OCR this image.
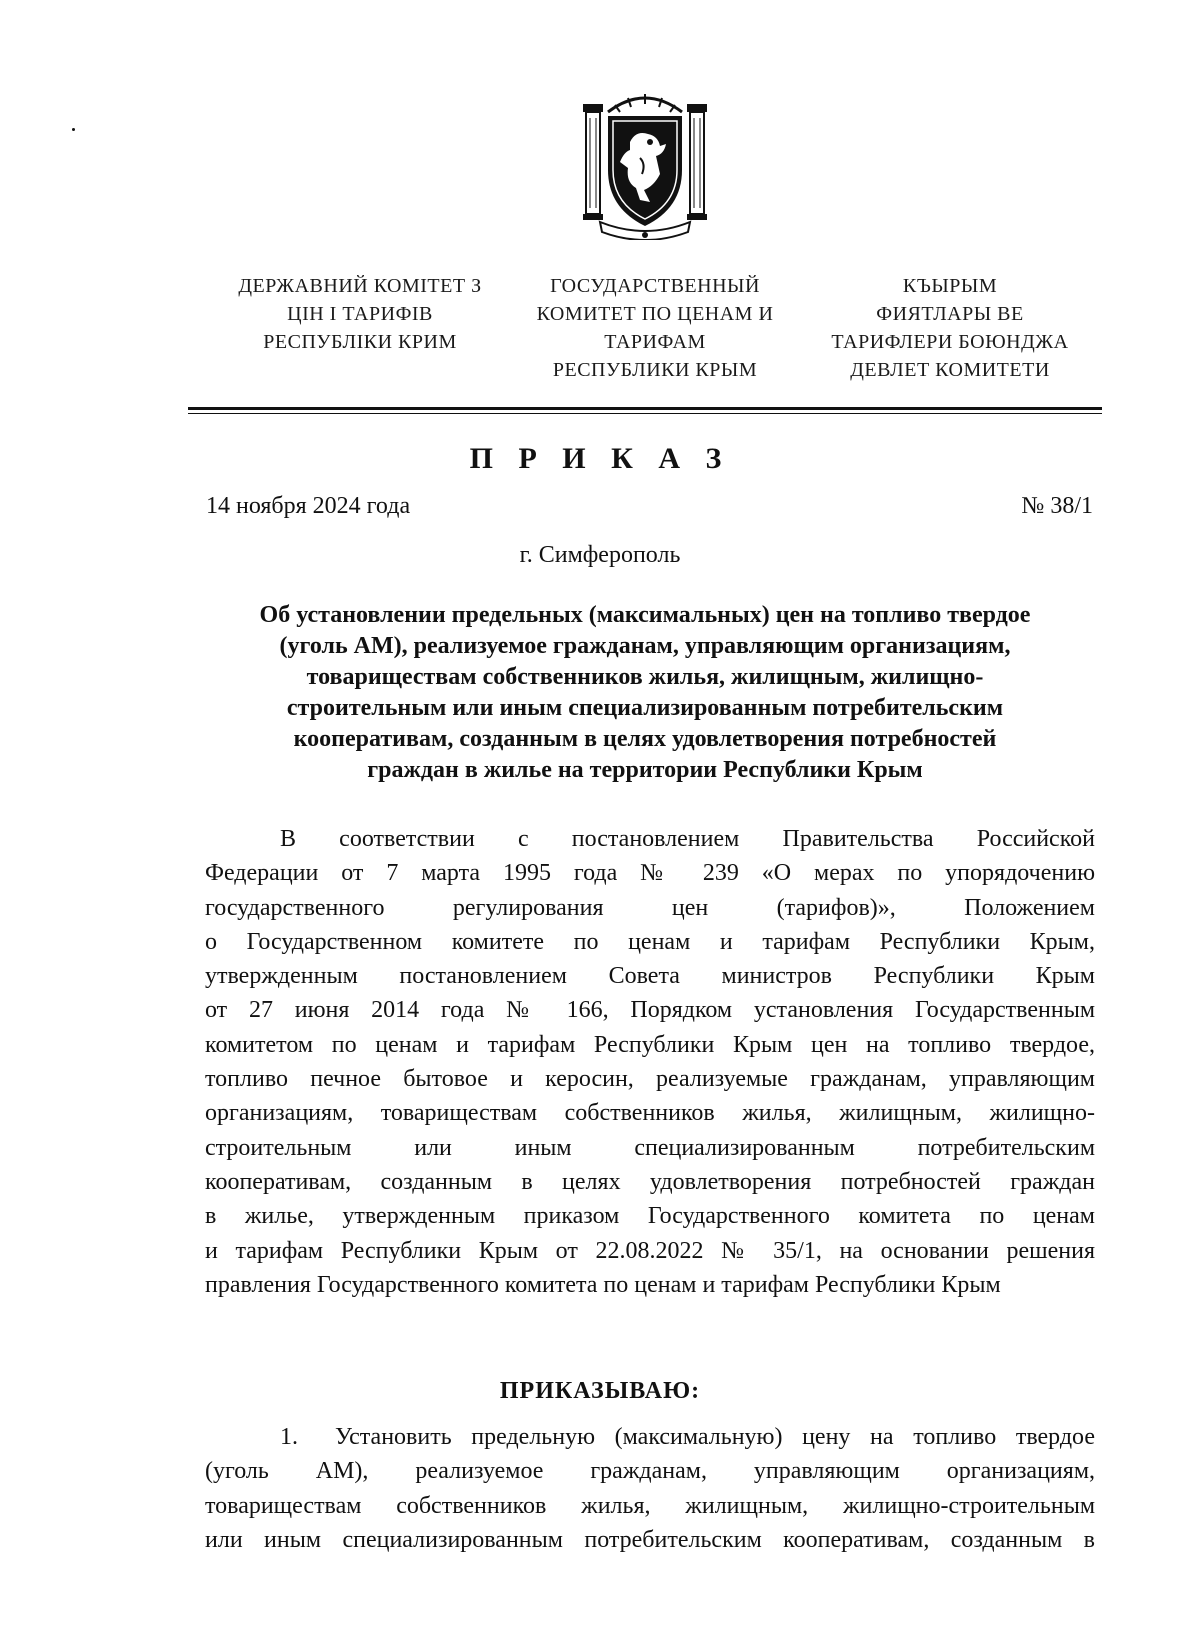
ДЕРЖАВНИЙ КОМІТЕТ З
ЦІН І ТАРИФІВ
РЕСПУБЛІКИ КРИМ
ГОСУДАРСТВЕННЫЙ
КОМИТЕТ ПО ЦЕНАМ И
ТАРИФАМ
РЕСПУБЛИКИ КРЫМ
КЪЫРЫМ
ФИЯТЛАРЫ ВЕ
ТАРИФЛЕРИ БОЮНДЖА
ДЕВЛЕТ КОМИТЕТИ
П Р И К А З
14 ноября 2024 года	№ 38/1
г. Симферополь
Об установлении предельных (максимальных) цен на топливо твердое
(уголь АМ), реализуемое гражданам, управляющим организациям,
товариществам собственников жилья, жилищным, жилищно-
строительным или иным специализированным потребительским
кооперативам, созданным в целях удовлетворения потребностей
граждан в жилье на территории Республики Крым
В соответствии с постановлением Правительства Российской
Федерации от 7 марта 1995 года № 239 «О мерах по упорядочению
государственного регулирования цен (тарифов)», Положением
о Государственном комитете по ценам и тарифам Республики Крым,
утвержденным постановлением Совета министров Республики Крым
от 27 июня 2014 года № 166, Порядком установления Государственным
комитетом по ценам и тарифам Республики Крым цен на топливо твердое,
топливо печное бытовое и керосин, реализуемые гражданам, управляющим
организациям, товариществам собственников жилья, жилищным, жилищно-
строительным или иным специализированным потребительским
кооперативам, созданным в целях удовлетворения потребностей граждан
в жилье, утвержденным приказом Государственного комитета по ценам
и тарифам Республики Крым от 22.08.2022 № 35/1, на основании решения
правления Государственного комитета по ценам и тарифам Республики Крым
ПРИКАЗЫВАЮ:
1. Установить предельную (максимальную) цену на топливо твердое
(уголь АМ), реализуемое гражданам, управляющим организациям,
товариществам собственников жилья, жилищным, жилищно-строительным
или иным специализированным потребительским кооперативам, созданным в
